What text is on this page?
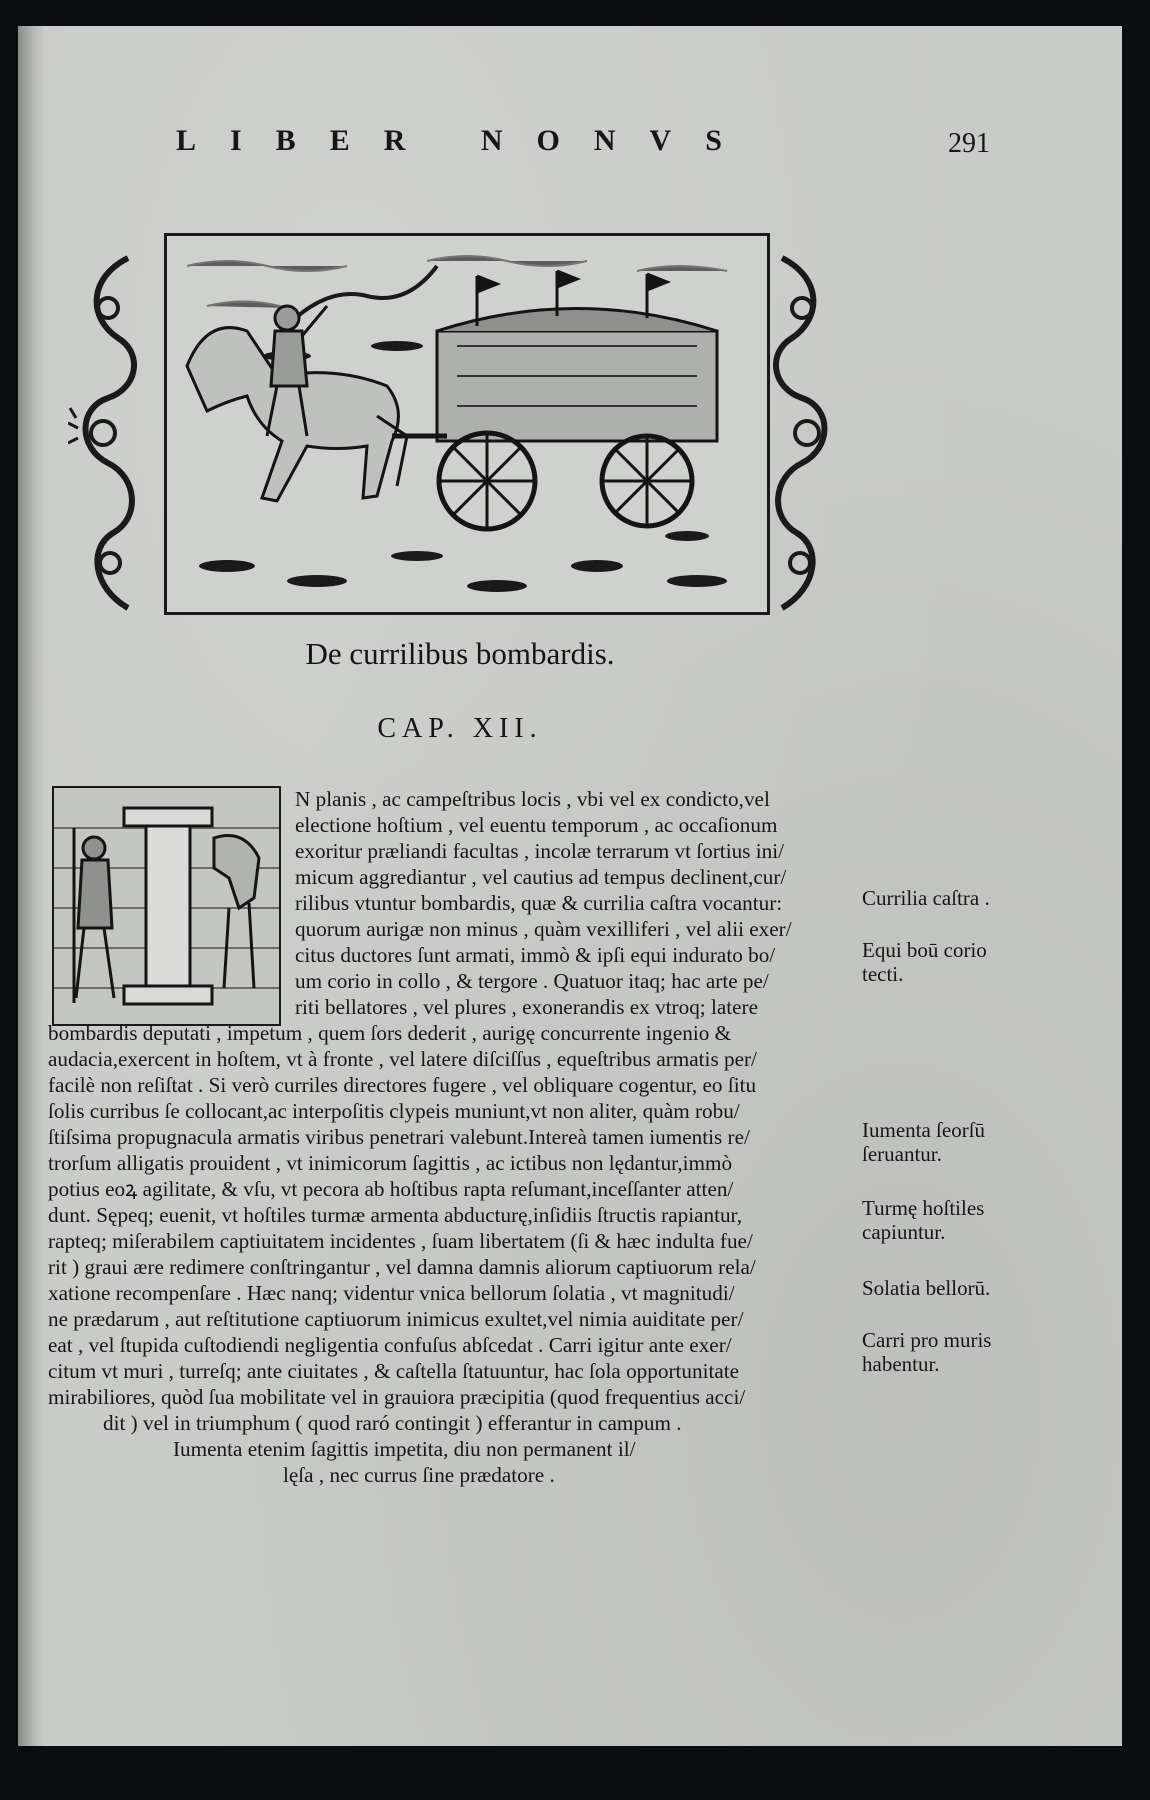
LIBER NONVS	291
De currilibus bombardis.
CAP. XII.
N planis , ac campeſtribus locis , vbi vel ex condicto,vel
electione hoſtium , vel euentu temporum , ac occaſionum
exoritur prælіandi facultas , incolæ terrarum vt ſortius ini/
micum aggrediantur , vel cautius ad tempus declinent,cur/
rilibus vtuntur bombardis, quæ & currilia caſtra vocantur:
quorum aurigæ non minus , quàm vexilliferi , vel alii exer/
citus ductores ſunt armati, immò & ipſi equi indurato bo/
um corio in collo , & tergore . Quatuor itaq; hac arte pe/
riti bellatores , vel plures , exonerandis ex vtroq; latere
bombardis deputati , impetum , quem ſors dederit , aurigę concurrente ingenio &
audacia,exercent in hoſtem, vt à fronte , vel latere diſciſſus , equeſtribus armatis per/
facilè non reſiſtat . Si verò curriles directores fugere , vel obliquare cogentur, eo ſitu
ſolis curribus ſe collocant,ac interpoſitis clypeis muniunt,vt non aliter, quàm robu/
ſtiſsima propugnacula armatis viribus penetrari valebunt.Intereà tamen iumentis re/
trorſum alligatis prouident , vt inimicorum ſagittis , ac ictibus non lędantur,immò
potius eoꝝ agilitate, & vſu, vt pecora ab hoſtibus rapta reſumant,inceſſanter atten/
dunt. Sępeq; euenit, vt hoſtiles turmæ armenta abducturę,inſidiis ſtructis rapiantur,
rapteq; miſerabilem captiuitatem incidentes , ſuam libertatem (ſi & hæc indulta fue/
rit ) graui ære redimere conſtringantur , vel damna damnis aliorum captiuorum rela/
xatione recompenſare . Hæc nanq; videntur vnica bellorum ſolatia , vt magnitudi/
ne prædarum , aut reſtitutione captiuorum inimicus exultet,vel nimia auiditate per/
eat , vel ſtupida cuſtodiendi negligentia confuſus abſcedat . Carri igitur ante exer/
citum vt muri , turreſq; ante ciuitates , & caſtella ſtatuuntur, hac ſola opportunitate
mirabiliores, quòd ſua mobilitate vel in grauiora præcipitia (quod frequentius acci/
dit ) vel in triumphum ( quod raró contingit ) efferantur in campum .
Iumenta etenim ſagittis impetita, diu non permanent il/
lęſa , nec currus ſine prædatore .
Currilia caſtra .
Equi boū corio tecti.
Iumenta ſeorſū ſeruantur.
Turmę hoſtiles capiuntur.
Solatia bellorū.
Carri pro muris habentur.
